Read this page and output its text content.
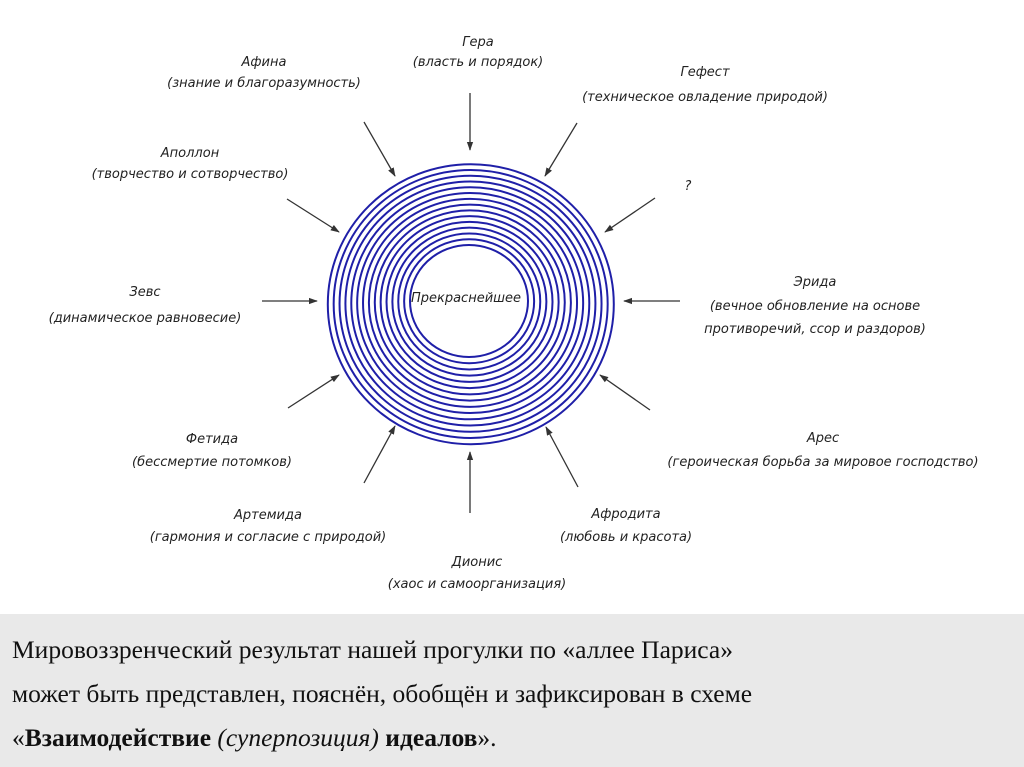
Прекраснейшее
Гера
(власть и порядок)
Гефест
(техническое овладение природой)
?
Эрида
(вечное обновление на основе
противоречий, ссор и раздоров)
Арес
(героическая борьба за мировое господство)
Афродита
(любовь и красота)
Дионис
(хаос и самоорганизация)
Артемида
(гармония и согласие с природой)
Фетида
(бессмертие потомков)
Зевс
(динамическое равновесие)
Аполлон
(творчество и сотворчество)
Афина
(знание и благоразумность)
Мировоззренческий результат нашей прогулки по «аллее Париса»
может быть представлен, пояснён, обобщён и зафиксирован в схеме
«Взаимодействие (суперпозиция) идеалов».
